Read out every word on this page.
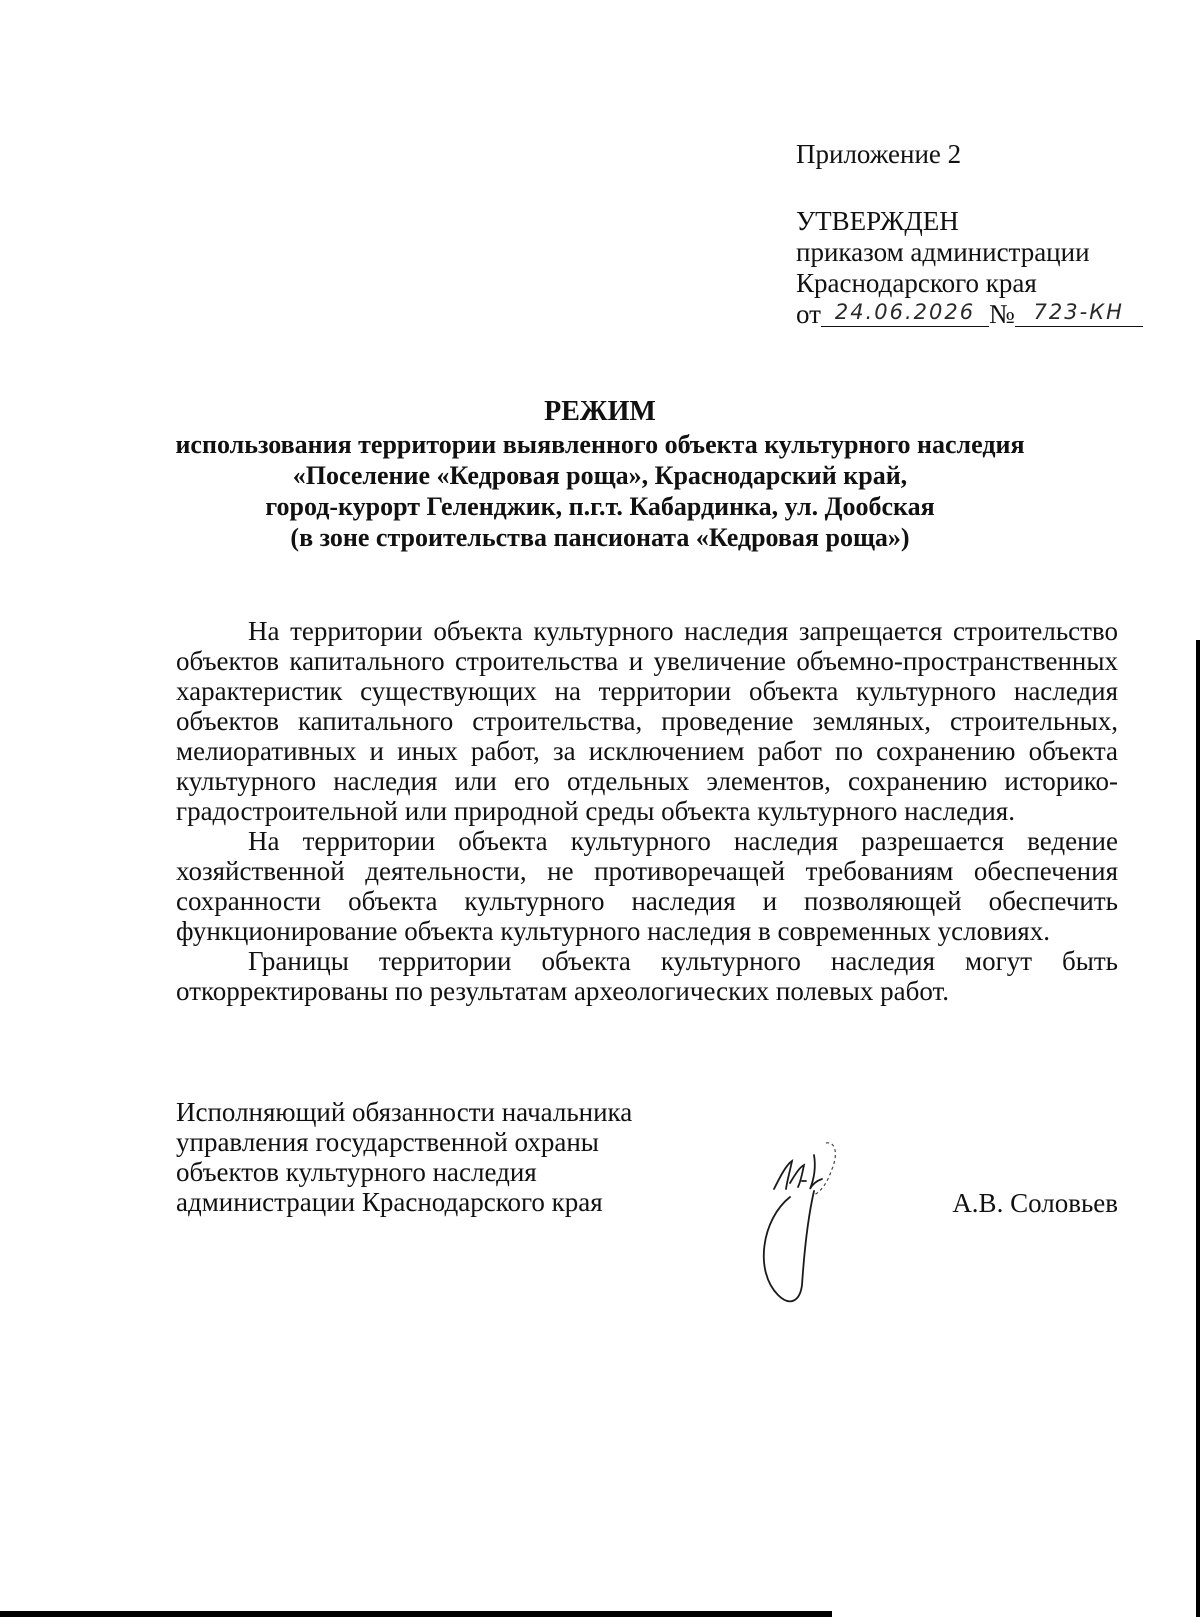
Приложение 2
УТВЕРЖДЕН
приказом администрации
Краснодарского края
от 24.06.2026 № 723-КН
РЕЖИМ
использования территории выявленного объекта культурного наследия
«Поселение «Кедровая роща», Краснодарский край,
город-курорт Геленджик, п.г.т. Кабардинка, ул. Дообская
(в зоне строительства пансионата «Кедровая роща»)

На территории объекта культурного наследия запрещается строительство объектов капитального строительства и увеличение объемно-пространственных характеристик существующих на территории объекта культурного наследия объектов капитального строительства, проведение земляных, строительных, мелиоративных и иных работ, за исключением работ по сохранению объекта культурного наследия или его отдельных элементов, сохранению историко-градостроительной или природной среды объекта культурного наследия.

На территории объекта культурного наследия разрешается ведение хозяйственной деятельности, не противоречащей требованиям обеспечения сохранности объекта культурного наследия и позволяющей обеспечить функционирование объекта культурного наследия в современных условиях.

Границы территории объекта культурного наследия могут быть откорректированы по результатам археологических полевых работ.

Исполняющий обязанности начальника
управления государственной охраны
объектов культурного наследия
администрации Краснодарского края	А.В. Соловьев
